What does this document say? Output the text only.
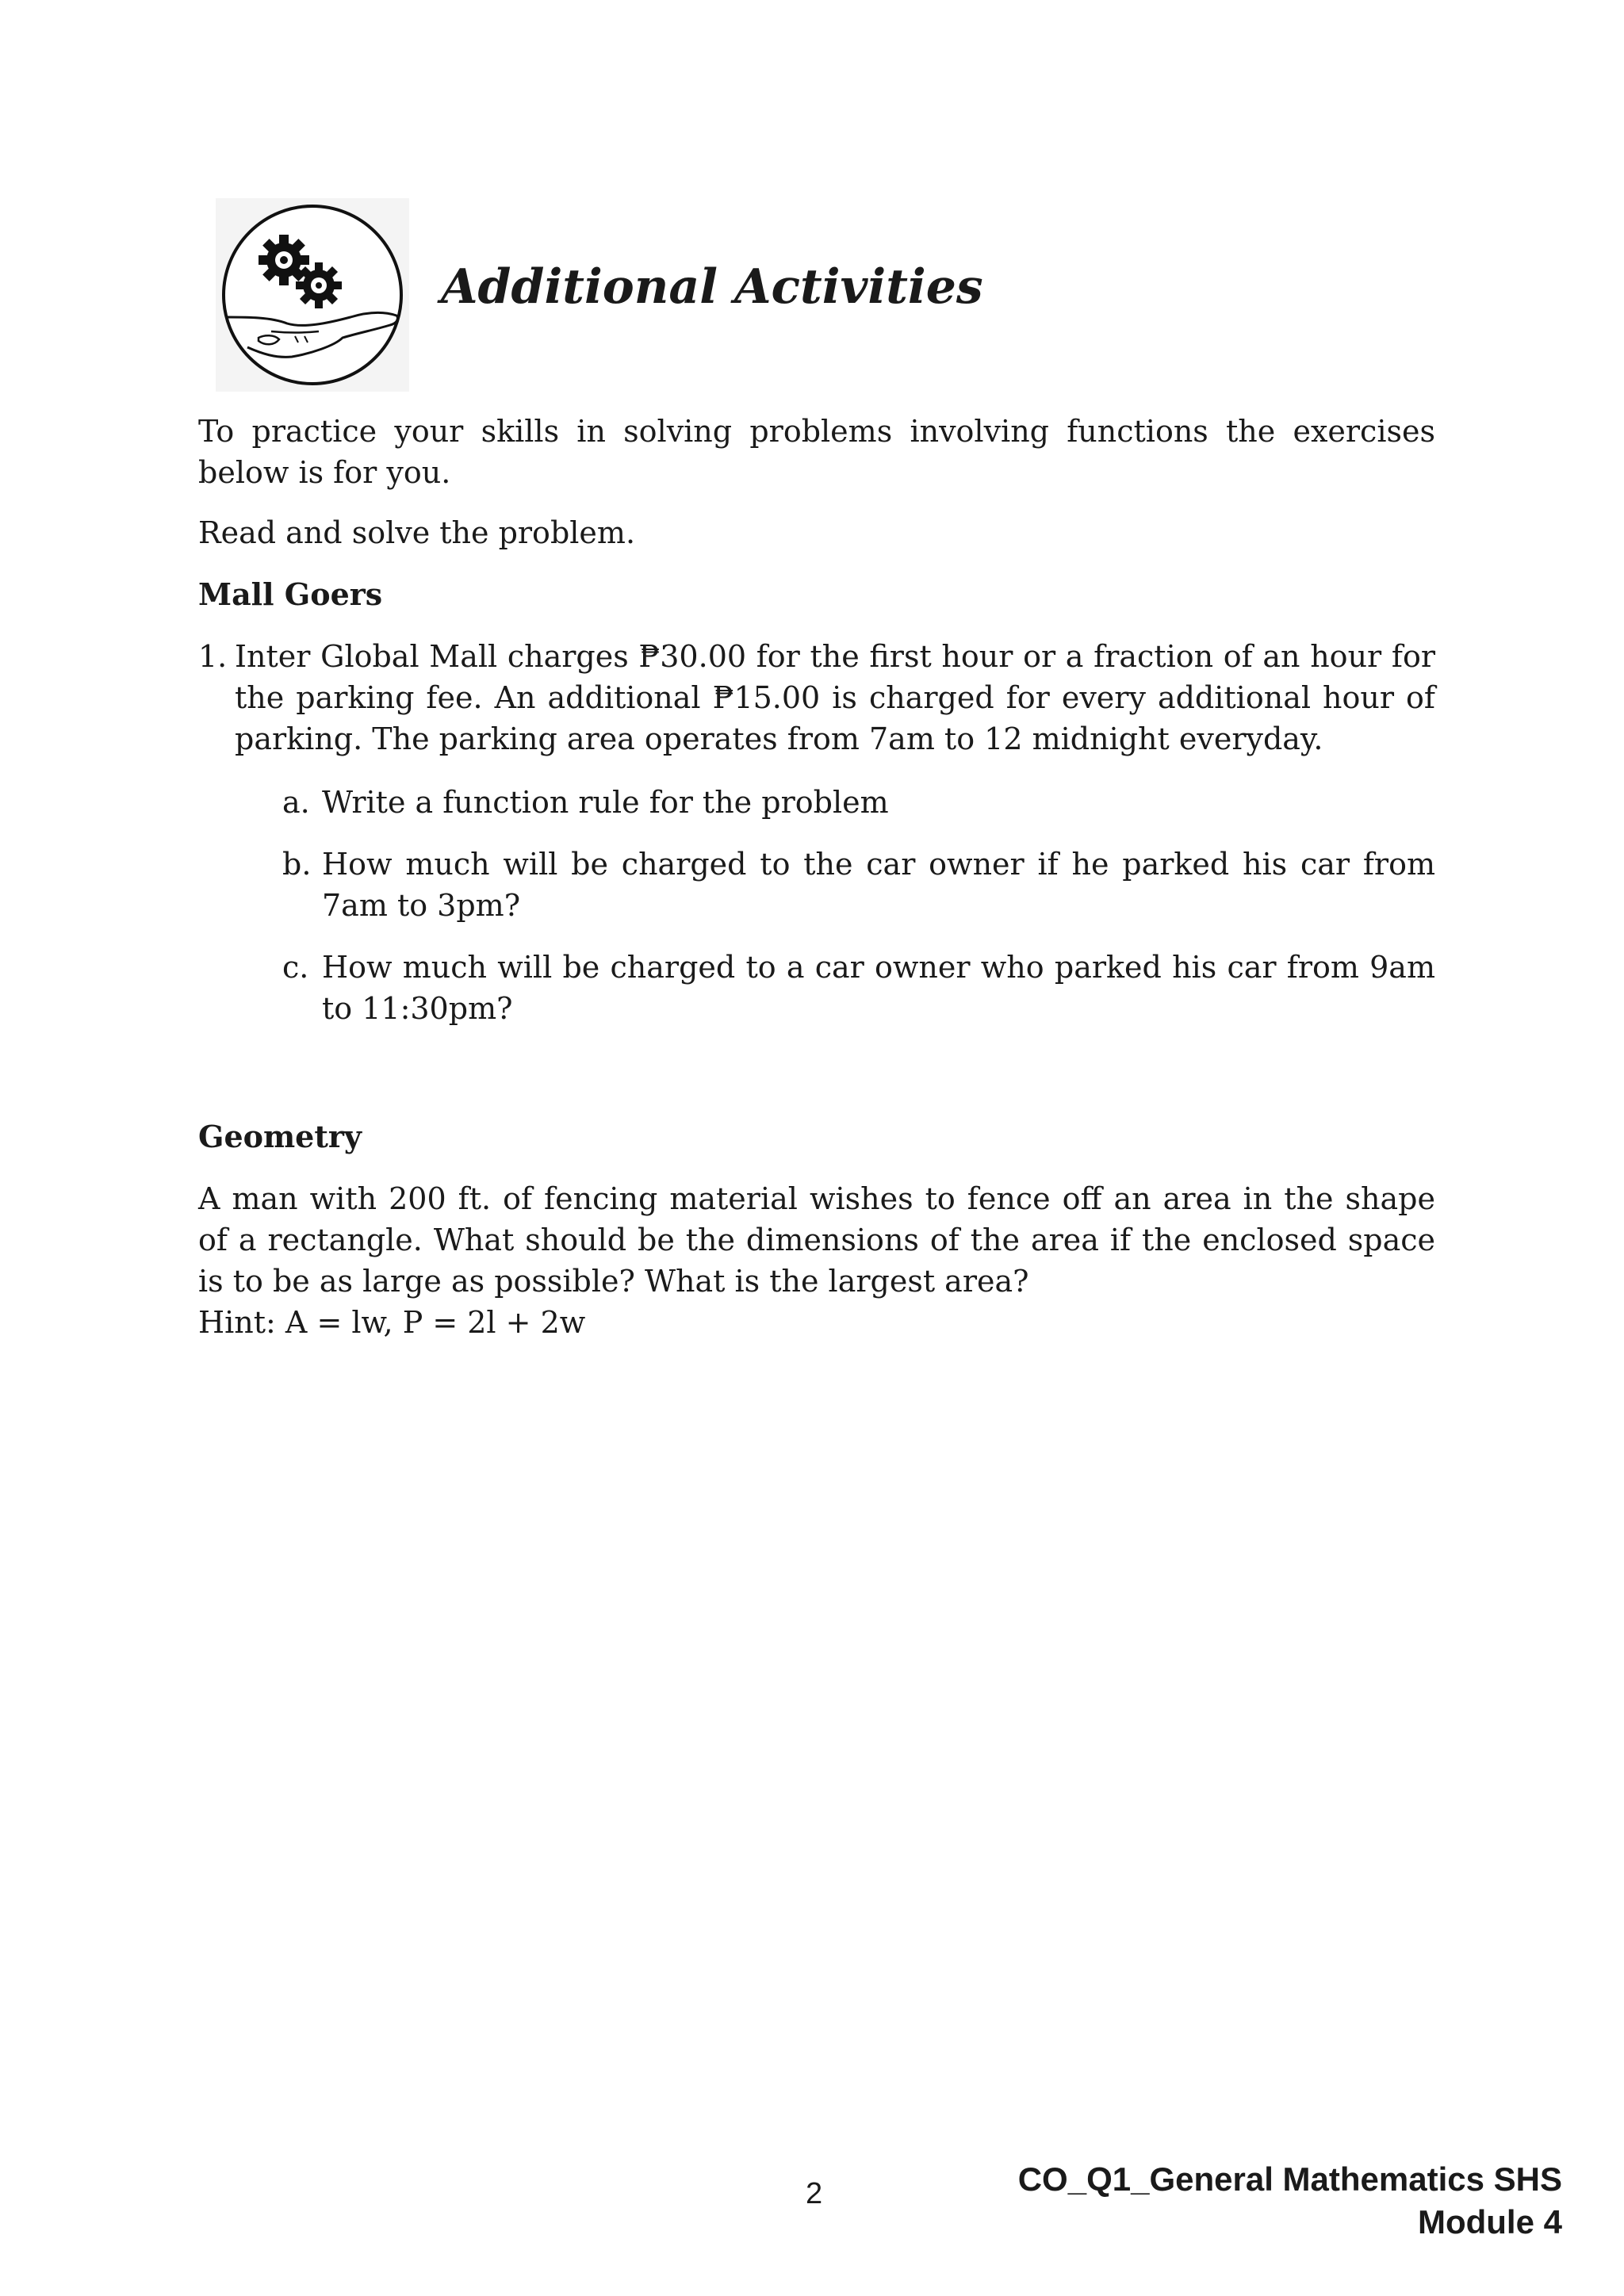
Additional Activities

To practice your skills in solving problems involving functions the exercises below is for you.

Read and solve the problem.

Mall Goers
1. Inter Global Mall charges ₱30.00 for the first hour or a fraction of an hour for the parking fee. An additional ₱15.00 is charged for every additional hour of parking. The parking area operates from 7am to 12 midnight everyday.
a. Write a function rule for the problem
b. How much will be charged to the car owner if he parked his car from 7am to 3pm?
c. How much will be charged to a car owner who parked his car from 9am to 11:30pm?
Geometry

A man with 200 ft. of fencing material wishes to fence off an area in the shape of a rectangle. What should be the dimensions of the area if the enclosed space is to be as large as possible? What is the largest area?

Hint: A = lw, P = 2l + 2w

2	CO_Q1_General Mathematics SHS
Module 4
